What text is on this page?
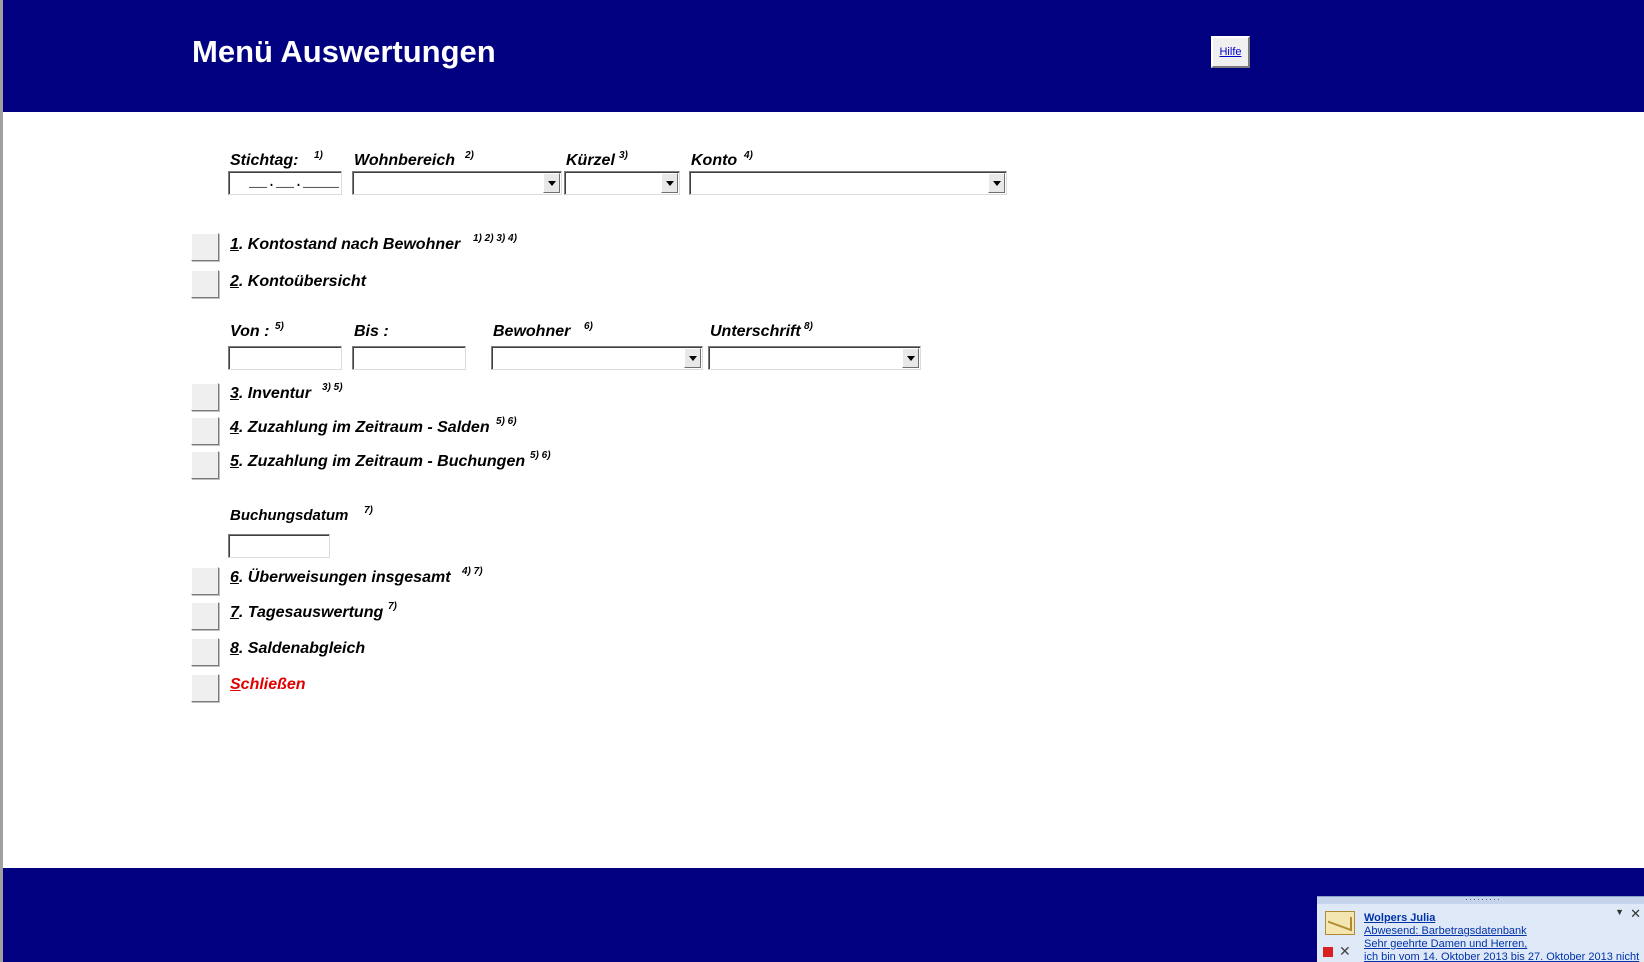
Menü Auswertungen	Hilfe
Stichtag: 1)
__.__.____
Wohnbereich 2)	Kürzel 3)	Konto 4)
1. Kontostand nach Bewohner 1) 2) 3) 4)
2. Kontoübersicht
Von : 5)	Bis :	Bewohner 6)	Unterschrift 8)
3. Inventur 3) 5)
4. Zuzahlung im Zeitraum - Salden 5) 6)
5. Zuzahlung im Zeitraum - Buchungen 5) 6)
Buchungsdatum 7)
6. Überweisungen insgesamt 4) 7)
7. Tagesauswertung 7)
8. Saldenabgleich
Schließen
·········
Wolpers Julia
Abwesend: Barbetragsdatenbank
Sehr geehrte Damen und Herren,
ich bin vom 14. Oktober 2013 bis 27. Oktober 2013 nicht
▼ ✕
✕
